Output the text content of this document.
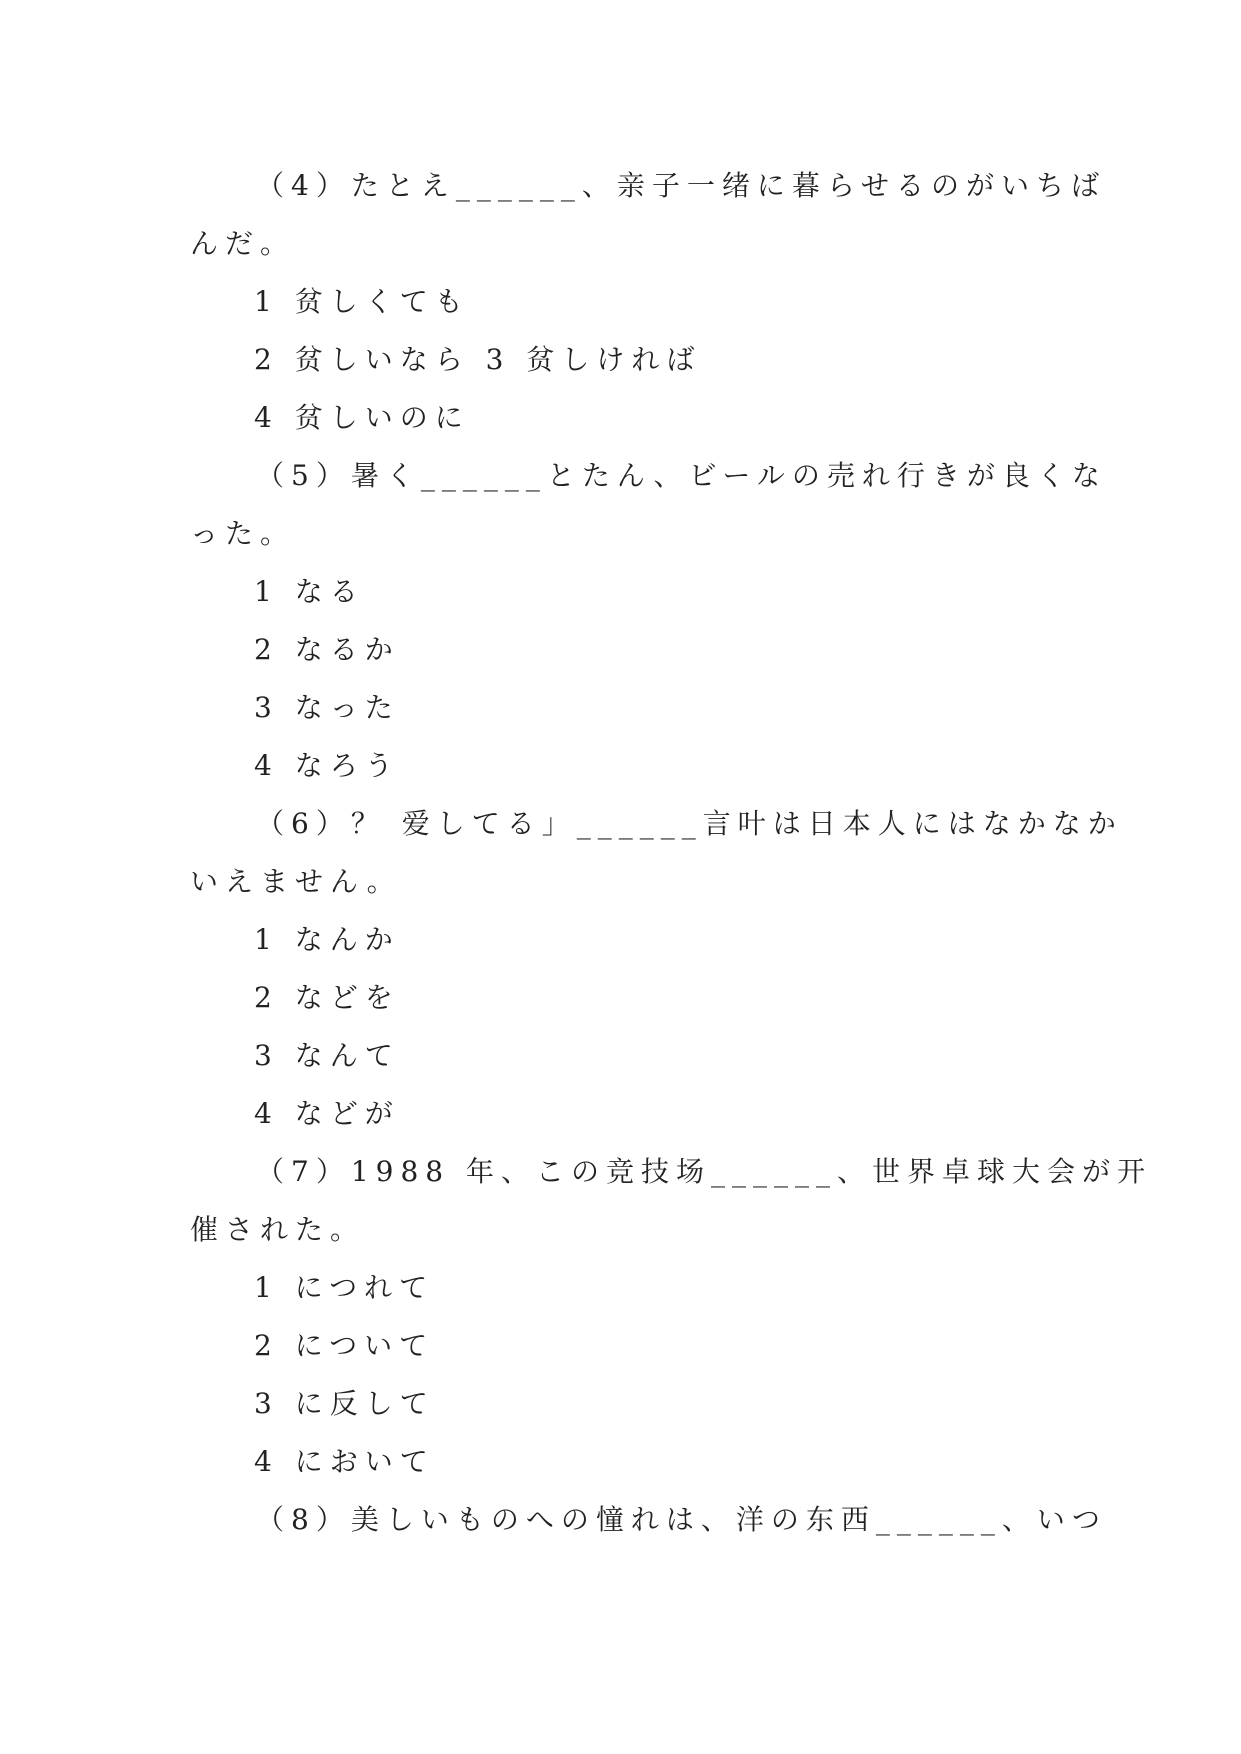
（4）たとえ______、亲子一绪に暮らせるのがいちば
んだ。
1 贫しくても
2 贫しいなら 3 贫しければ
4 贫しいのに
（5）暑く______とたん、ビールの売れ行きが良くな
った。
1 なる
2 なるか
3 なった
4 なろう
（6）？ 爱してる」______言叶は日本人にはなかなか
いえません。
1 なんか
2 などを
3 なんて
4 などが
（7）1988 年、この竞技场______、世界卓球大会が开
催された。
1 につれて
2 について
3 に反して
4 において
（8）美しいものへの憧れは、洋の东西______、いつ
